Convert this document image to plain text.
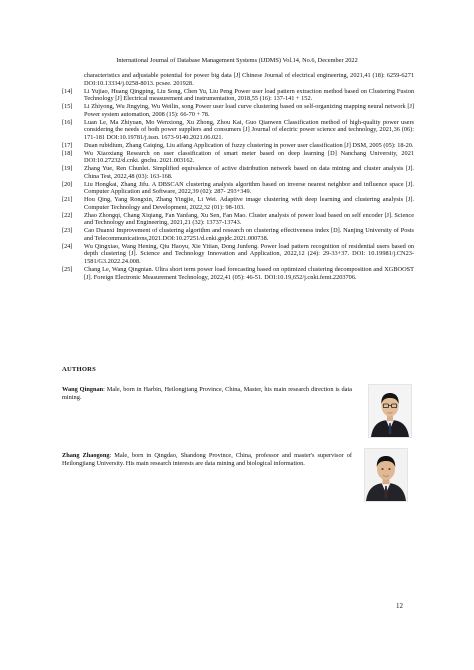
International Journal of Database Management Systems (IJDMS) Vol.14, No.6, December 2022
characteristics and adjustable potential for power big data [J] Chinese Journal of electrical engineering, 2021,41 (18): 6259-6271 DOI:10.13334/j.0258-8013. pcsee. 201928.
[14] Li Yujiao, Huang Qingping, Liu Song, Chen Yu, Liu Peng Power user load pattern extraction method based on Clustering Fusion Technology [J] Electrical measurement and instrumentation, 2018,55 (16): 137-141 + 152.
[15] Li Zhiyong, Wu Jingying, Wu Weilin, song Power user load curve clustering based on self-organizing mapping neural network [J] Power system automation, 2008 (15): 66-70 + 78.
[16] Luan Le, Ma Zhiyuan, Mo Wenxiong, Xu Zhong, Zhou Kai, Guo Qianwen Classification method of high-quality power users considering the needs of both power suppliers and consumers [J] Journal of electric power science and technology, 2021,36 (06): 171-181 DOI:10.19781/j.issn. 1673-9140.2021.06.021.
[17] Duan rubidium, Zhang Caiqing, Liu aifang Application of fuzzy clustering in power user classification [J] DSM, 2005 (05): 18-20.
[18] Wu Xiaoxiang Research on user classification of smart meter based on deep learning [D] Nanchang University, 2021 DOI:10.27232/d.cnki. gnchu. 2021.003162.
[19] Zhang Yue, Ren Chunlei. Simplified equivalence of active distribution network based on data mining and cluster analysis [J]. China Test, 2022,48 (03): 163-168.
[20] Liu Hongkai, Zhang Jifu. A DBSCAN clustering analysis algorithm based on inverse nearest neighbor and influence space [J]. Computer Application and Software, 2022,39 (02): 287- 293+349.
[21] Hou Qing, Yang Rongxin, Zhang Yingjie, Li Wei. Adaptive image clustering with deep learning and clustering analysis [J]. Computer Technology and Development, 2022,32 (01): 98-103.
[22] Zhao Zhongqi, Chang Xiqiang, Fan Yanfang, Xu Sen, Fan Mao. Cluster analysis of power load based on self encoder [J]. Science and Technology and Engineering, 2021,21 (32): 13737-13743.
[23] Cao Duanxi Improvement of clustering algorithm and research on clustering effectiveness index [D]. Nanjing University of Posts and Telecommunications,2021.DOI:10.27251/d.cnki.gnjdc.2021.000738.
[24] Wu Qingxiao, Wang Hening, Qiu Haoyu, Xie Yitian, Dong Junfeng. Power load pattern recognition of residential users based on depth clustering [J]. Science and Technology Innovation and Application, 2022,12 (24): 29-33+37. DOI: 10.19981/j.CN23- 1581/G3.2022.24.008.
[25] Chang Le, Wang Qingnian. Ultra short term power load forecasting based on optimized clustering decomposition and XGBOOST [J]. Foreign Electronic Measurement Technology, 2022,41 (05): 46-51. DOI:10.19,652/j.cnki.femt.2203706.
AUTHORS
Wang Qingnan: Male, born in Harbin, Heilongjiang Province, China, Master, his main research direction is data mining.
Zhang Zhaogong: Male, born in Qingdao, Shandong Province, China, professor and master's supervisor of Heilongjiang University. His main research interests are data mining and biological information.
12
